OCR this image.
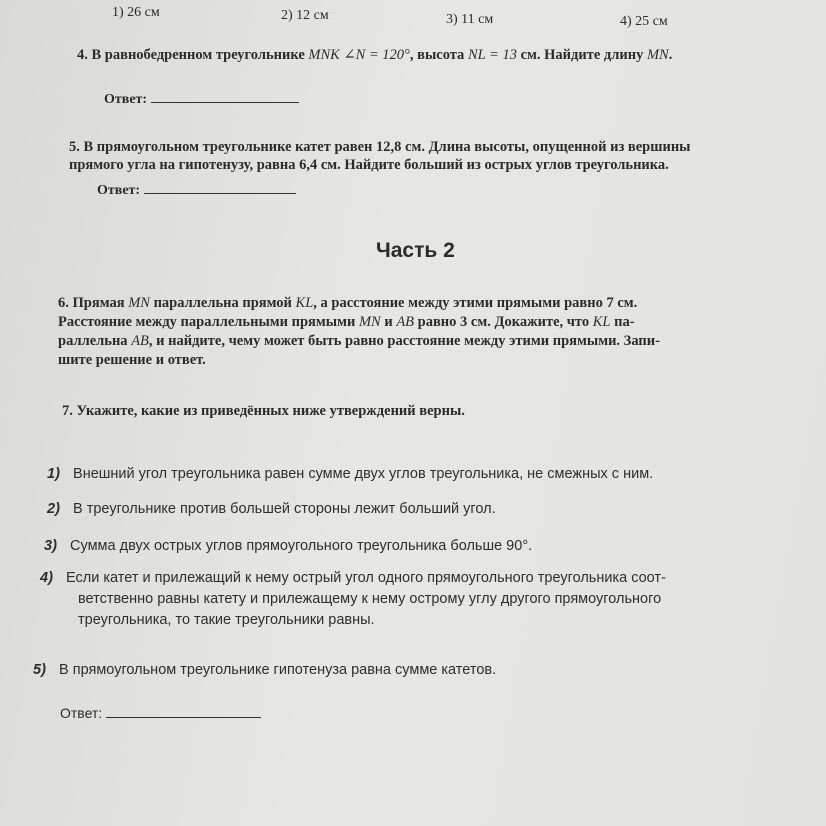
1) 26 см	2) 12 см	3) 11 см	4) 25 см
4. В равнобедренном треугольнике MNK ∠N = 120°, высота NL = 13 см. Найдите длину MN.
Ответ:
5. В прямоугольном треугольнике катет равен 12,8 см. Длина высоты, опущенной из вершины
прямого угла на гипотенузу, равна 6,4 см. Найдите больший из острых углов треугольника.
Ответ:
Часть 2
6. Прямая MN параллельна прямой KL, а расстояние между этими прямыми равно 7 см.
Расстояние между параллельными прямыми MN и AB равно 3 см. Докажите, что KL па-
раллельна AB, и найдите, чему может быть равно расстояние между этими прямыми. Запи-
шите решение и ответ.
7. Укажите, какие из приведённых ниже утверждений верны.
1) Внешний угол треугольника равен сумме двух углов треугольника, не смежных с ним.
2) В треугольнике против большей стороны лежит больший угол.
3) Сумма двух острых углов прямоугольного треугольника больше 90°.
4) Если катет и прилежащий к нему острый угол одного прямоугольного треугольника соот-
ветственно равны катету и прилежащему к нему острому углу другого прямоугольного
треугольника, то такие треугольники равны.
5) В прямоугольном треугольнике гипотенуза равна сумме катетов.
Ответ:
